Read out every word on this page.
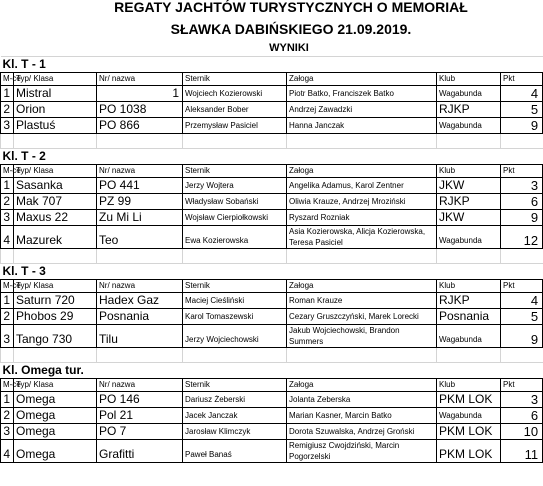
REGATY JACHTÓW TURYSTYCZNYCH O MEMORIAŁ
SŁAWKA DABIŃSKIEGO 21.09.2019.
WYNIKI
Kl. T - 1						
M-ce	Typ/ Klasa	Nr/ nazwa	Sternik	Załoga	Klub	Pkt
1	Mistral	1	Wojciech Kozierowski	Piotr Batko, Franciszek Batko	Wagabunda	4
2	Orion	PO 1038	Aleksander Bober	Andrzej Zawadzki	RJKP	5
3	Plastuś	PO 866	Przemysław Pasiciel	Hanna Janczak	Wagabunda	9

Kl. T - 2						
M-ce	Typ/ Klasa	Nr/ nazwa	Sternik	Załoga	Klub	Pkt
1	Sasanka	PO 441	Jerzy Wojtera	Angelika Adamus, Karol Zentner	JKW	3
2	Mak 707	PZ 99	Władysław Sobański	Oliwia Krauze, Andrzej Mroziński	RJKP	6
3	Maxus 22	Zu Mi Li	Wojsław Cierpiołkowski	Ryszard Rozniak	JKW	9
4	Mazurek	Teo	Ewa Kozierowska	Asia Kozierowska, Alicja Kozierowska, Teresa Pasiciel	Wagabunda	12

Kl. T - 3						
M-ce	Typ/ Klasa	Nr/ nazwa	Sternik	Załoga	Klub	Pkt
1	Saturn 720	Hadex Gaz	Maciej Cieśliński	Roman Krauze	RJKP	4
2	Phobos 29	Posnania	Karol Tomaszewski	Cezary Gruszczyński, Marek Lorecki	Posnania	5
3	Tango 730	Tilu	Jerzy Wojciechowski	Jakub Wojciechowski, Brandon Summers	Wagabunda	9

Kl. Omega tur.						
M-ce	Typ/ Klasa	Nr/ nazwa	Sternik	Załoga	Klub	Pkt
1	Omega	PO 146	Dariusz Żeberski	Jolanta Zeberska	PKM LOK	3
2	Omega	Pol 21	Jacek Janczak	Marian Kasner, Marcin Batko	Wagabunda	6
3	Omega	PO 7	Jarosław Klimczyk	Dorota Szuwalska, Andrzej Groński	PKM LOK	10
4	Omega	Grafitti	Paweł Banaś	Remigiusz Cwojdziński, Marcin Pogorzelski	PKM LOK	11
